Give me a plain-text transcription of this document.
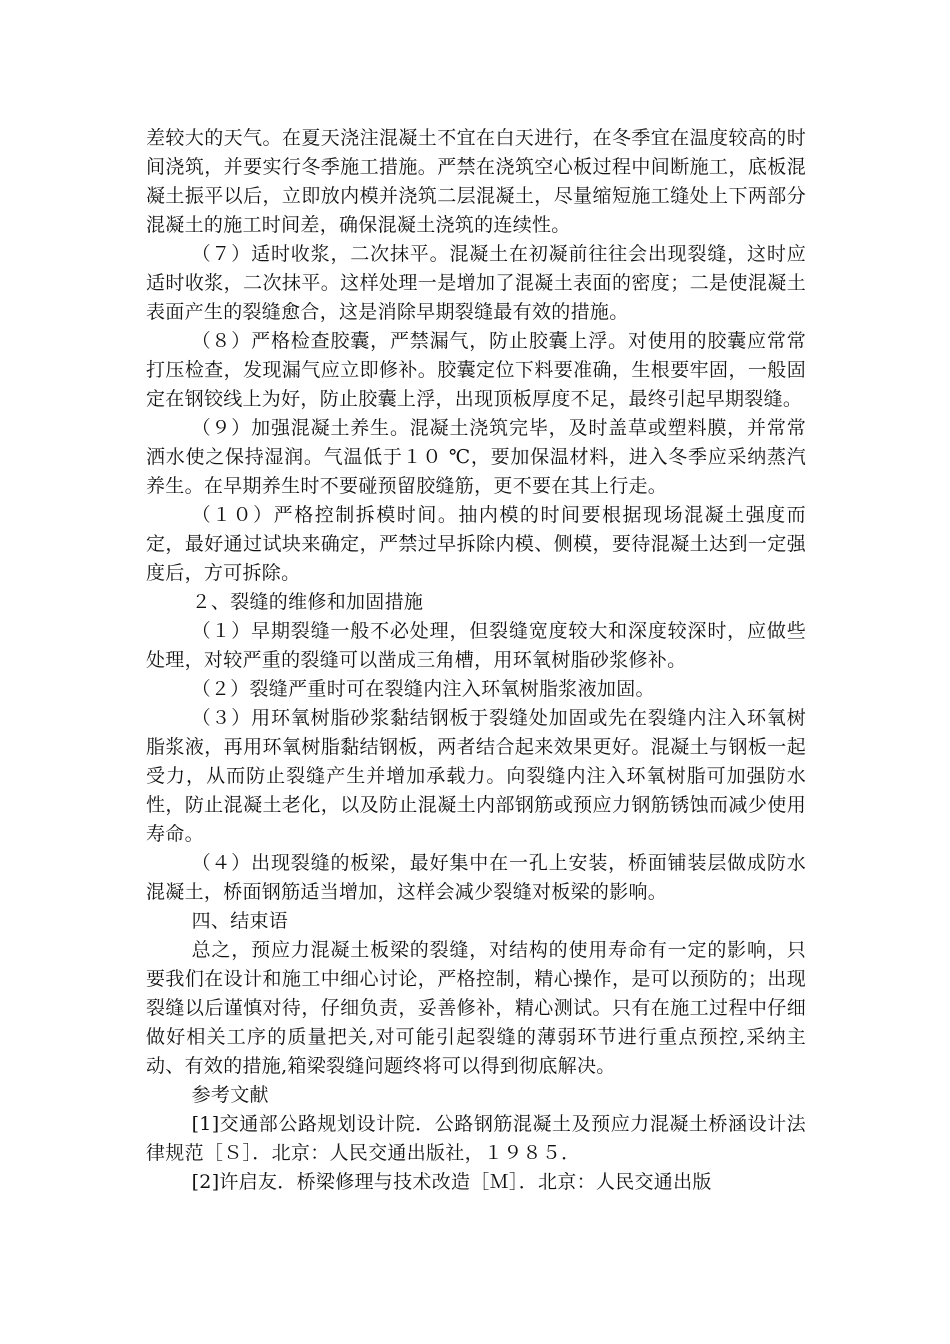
差较大的天气。在夏天浇注混凝土不宜在白天进行，在冬季宜在温度较高的时间浇筑，并要实行冬季施工措施。严禁在浇筑空心板过程中间断施工，底板混凝土振平以后，立即放内模并浇筑二层混凝土，尽量缩短施工缝处上下两部分混凝土的施工时间差，确保混凝土浇筑的连续性。

（７）适时收浆，二次抹平。混凝土在初凝前往往会出现裂缝，这时应适时收浆，二次抹平。这样处理一是增加了混凝土表面的密度；二是使混凝土表面产生的裂缝愈合，这是消除早期裂缝最有效的措施。

（８）严格检查胶囊，严禁漏气，防止胶囊上浮。对使用的胶囊应常常打压检查，发现漏气应立即修补。胶囊定位下料要准确，生根要牢固，一般固定在钢铰线上为好，防止胶囊上浮，出现顶板厚度不足，最终引起早期裂缝。

（９）加强混凝土养生。混凝土浇筑完毕，及时盖草或塑料膜，并常常洒水使之保持湿润。气温低于１０ ℃，要加保温材料，进入冬季应采纳蒸汽养生。在早期养生时不要碰预留胶缝筋，更不要在其上行走。

（１０）严格控制拆模时间。抽内模的时间要根据现场混凝土强度而定，最好通过试块来确定，严禁过早拆除内模、侧模，要待混凝土达到一定强度后，方可拆除。

２、裂缝的维修和加固措施

（１）早期裂缝一般不必处理，但裂缝宽度较大和深度较深时，应做些处理，对较严重的裂缝可以凿成三角槽，用环氧树脂砂浆修补。

（２）裂缝严重时可在裂缝内注入环氧树脂浆液加固。

（３）用环氧树脂砂浆黏结钢板于裂缝处加固或先在裂缝内注入环氧树脂浆液，再用环氧树脂黏结钢板，两者结合起来效果更好。混凝土与钢板一起受力，从而防止裂缝产生并增加承载力。向裂缝内注入环氧树脂可加强防水性，防止混凝土老化，以及防止混凝土内部钢筋或预应力钢筋锈蚀而减少使用寿命。

（４）出现裂缝的板梁，最好集中在一孔上安装，桥面铺装层做成防水混凝土，桥面钢筋适当增加，这样会减少裂缝对板梁的影响。

四、结束语

总之，预应力混凝土板梁的裂缝，对结构的使用寿命有一定的影响，只要我们在设计和施工中细心讨论，严格控制，精心操作，是可以预防的；出现裂缝以后谨慎对待，仔细负责，妥善修补，精心测试。只有在施工过程中仔细做好相关工序的质量把关,对可能引起裂缝的薄弱环节进行重点预控,采纳主动、有效的措施,箱梁裂缝问题终将可以得到彻底解决。

参考文献

[1]交通部公路规划设计院．公路钢筋混凝土及预应力混凝土桥涵设计法律规范［Ｓ］．北京：人民交通出版社，１９８５．

[2]许启友．桥梁修理与技术改造［Ｍ］．北京：人民交通出版
